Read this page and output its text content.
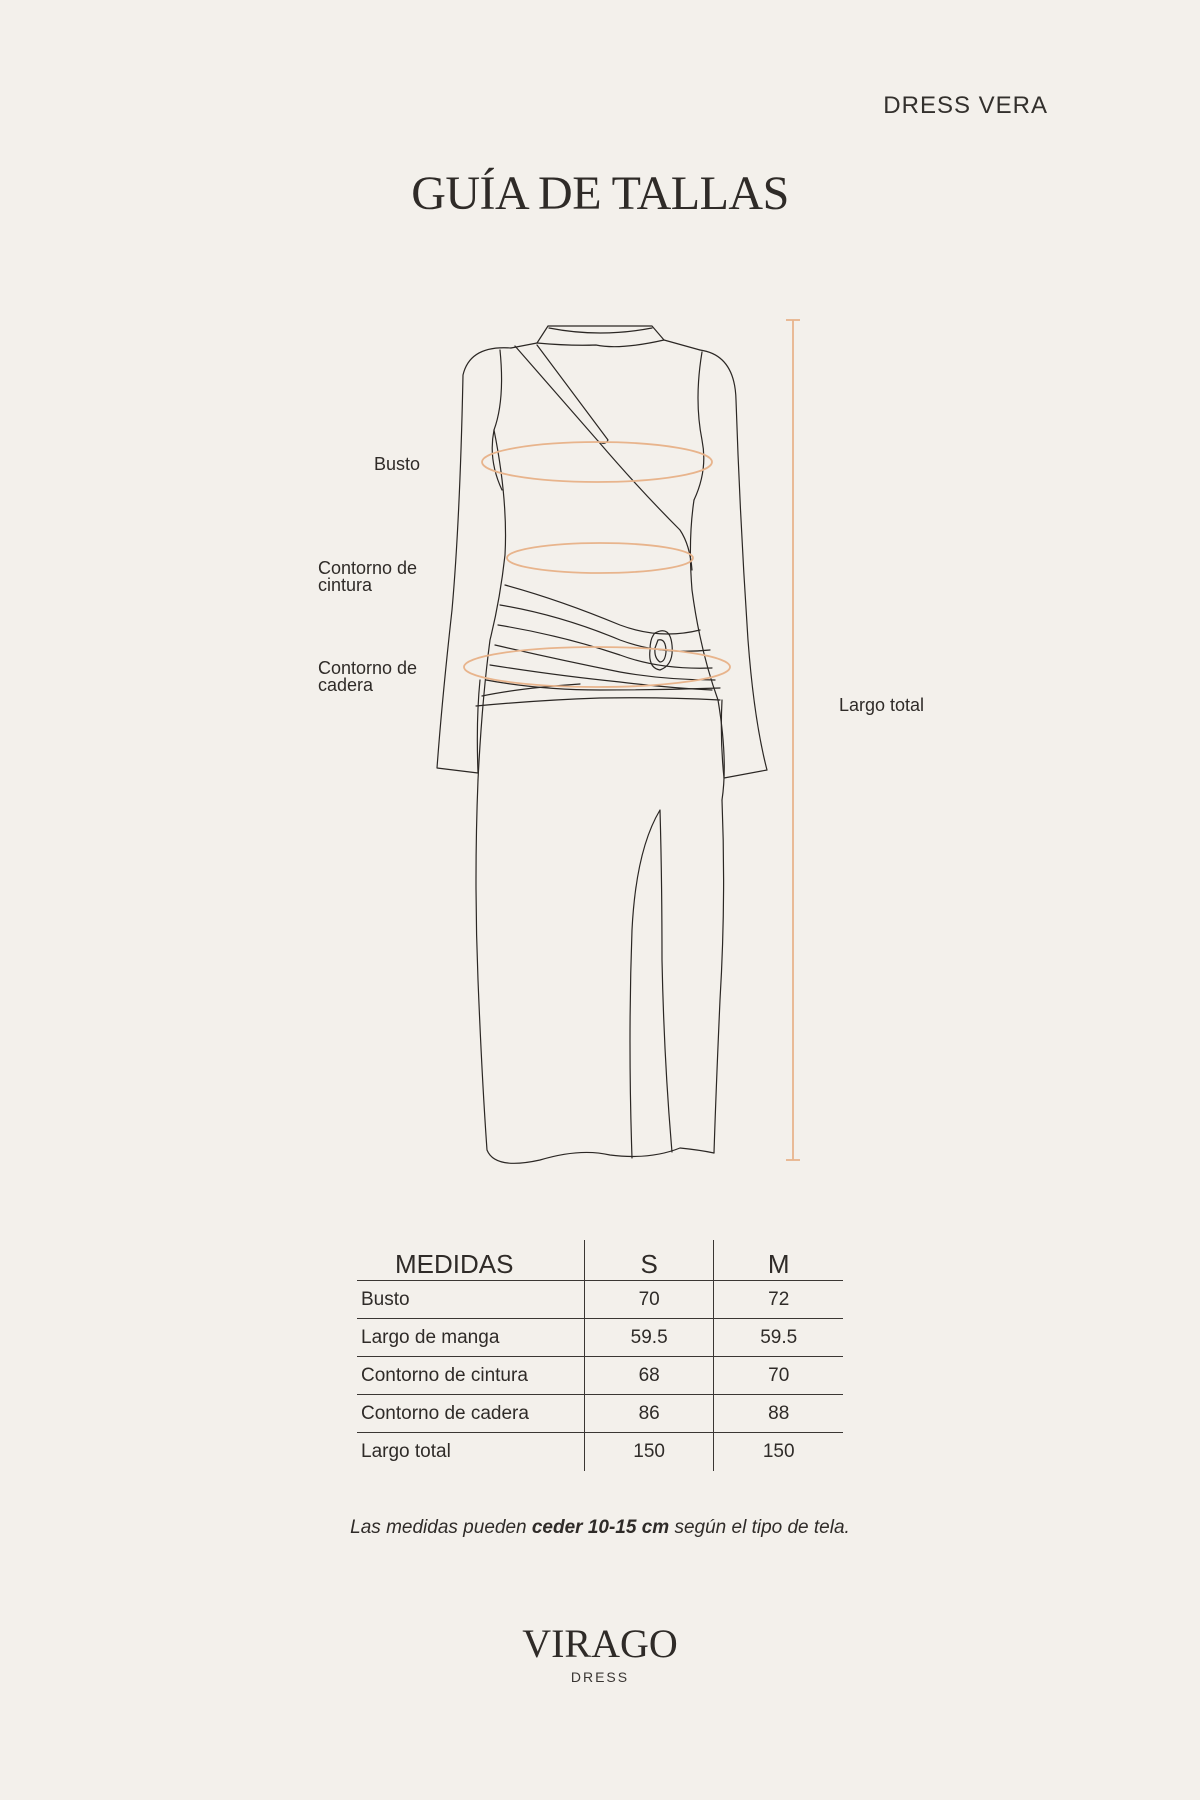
DRESS VERA
GUÍA DE TALLAS
Busto
Contorno de
cintura
Contorno de
cadera
Largo total
MEDIDAS	S	M
Busto	70	72
Largo de manga	59.5	59.5
Contorno de cintura	68	70
Contorno de cadera	86	88
Largo total	150	150
Las medidas pueden ceder 10-15 cm según el tipo de tela.
VIRAGO
DRESS
